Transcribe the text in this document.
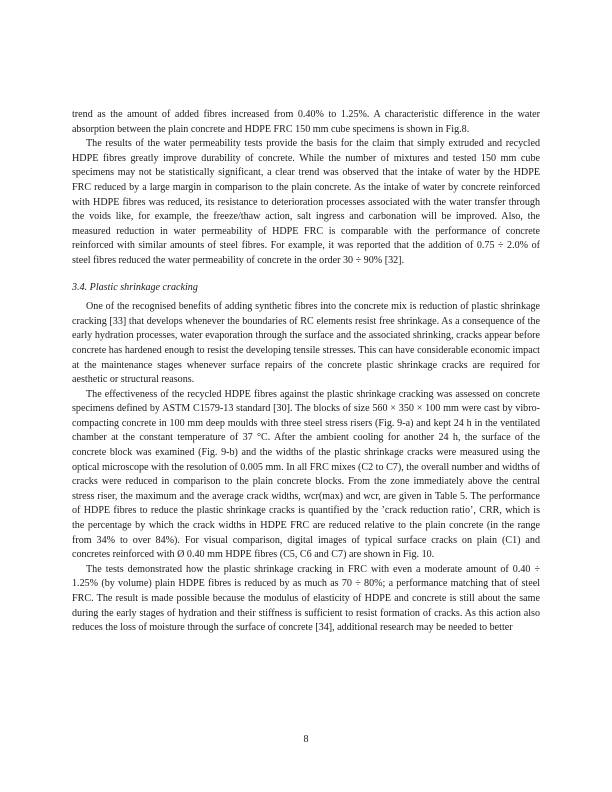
trend as the amount of added fibres increased from 0.40% to 1.25%. A characteristic difference in the water absorption between the plain concrete and HDPE FRC 150 mm cube specimens is shown in Fig.8.

The results of the water permeability tests provide the basis for the claim that simply extruded and recycled HDPE fibres greatly improve durability of concrete. While the number of mixtures and tested 150 mm cube specimens may not be statistically significant, a clear trend was observed that the intake of water by the HDPE FRC reduced by a large margin in comparison to the plain concrete. As the intake of water by concrete reinforced with HDPE fibres was reduced, its resistance to deterioration processes associated with the water transfer through the voids like, for example, the freeze/thaw action, salt ingress and carbonation will be improved. Also, the measured reduction in water permeability of HDPE FRC is comparable with the performance of concrete reinforced with similar amounts of steel fibres. For example, it was reported that the addition of 0.75 ÷ 2.0% of steel fibres reduced the water permeability of concrete in the order 30 ÷ 90% [32].

3.4. Plastic shrinkage cracking

One of the recognised benefits of adding synthetic fibres into the concrete mix is reduction of plastic shrinkage cracking [33] that develops whenever the boundaries of RC elements resist free shrinkage. As a consequence of the early hydration processes, water evaporation through the surface and the associated shrinking, cracks appear before concrete has hardened enough to resist the developing tensile stresses. This can have considerable economic impact at the maintenance stages whenever surface repairs of the concrete plastic shrinkage cracks are required for aesthetic or structural reasons.

The effectiveness of the recycled HDPE fibres against the plastic shrinkage cracking was assessed on concrete specimens defined by ASTM C1579-13 standard [30]. The blocks of size 560 × 350 × 100 mm were cast by vibro-compacting concrete in 100 mm deep moulds with three steel stress risers (Fig. 9-a) and kept 24 h in the ventilated chamber at the constant temperature of 37 °C. After the ambient cooling for another 24 h, the surface of the concrete block was examined (Fig. 9-b) and the widths of the plastic shrinkage cracks were measured using the optical microscope with the resolution of 0.005 mm. In all FRC mixes (C2 to C7), the overall number and widths of cracks were reduced in comparison to the plain concrete blocks. From the zone immediately above the central stress riser, the maximum and the average crack widths, wcr(max) and wcr, are given in Table 5. The performance of HDPE fibres to reduce the plastic shrinkage cracks is quantified by the ’crack reduction ratio’, CRR, which is the percentage by which the crack widths in HDPE FRC are reduced relative to the plain concrete (in the range from 34% to over 84%). For visual comparison, digital images of typical surface cracks on plain (C1) and concretes reinforced with Ø 0.40 mm HDPE fibres (C5, C6 and C7) are shown in Fig. 10.

The tests demonstrated how the plastic shrinkage cracking in FRC with even a moderate amount of 0.40 ÷ 1.25% (by volume) plain HDPE fibres is reduced by as much as 70 ÷ 80%; a performance matching that of steel FRC. The result is made possible because the modulus of elasticity of HDPE and concrete is still about the same during the early stages of hydration and their stiffness is sufficient to resist formation of cracks. As this action also reduces the loss of moisture through the surface of concrete [34], additional research may be needed to better

8
